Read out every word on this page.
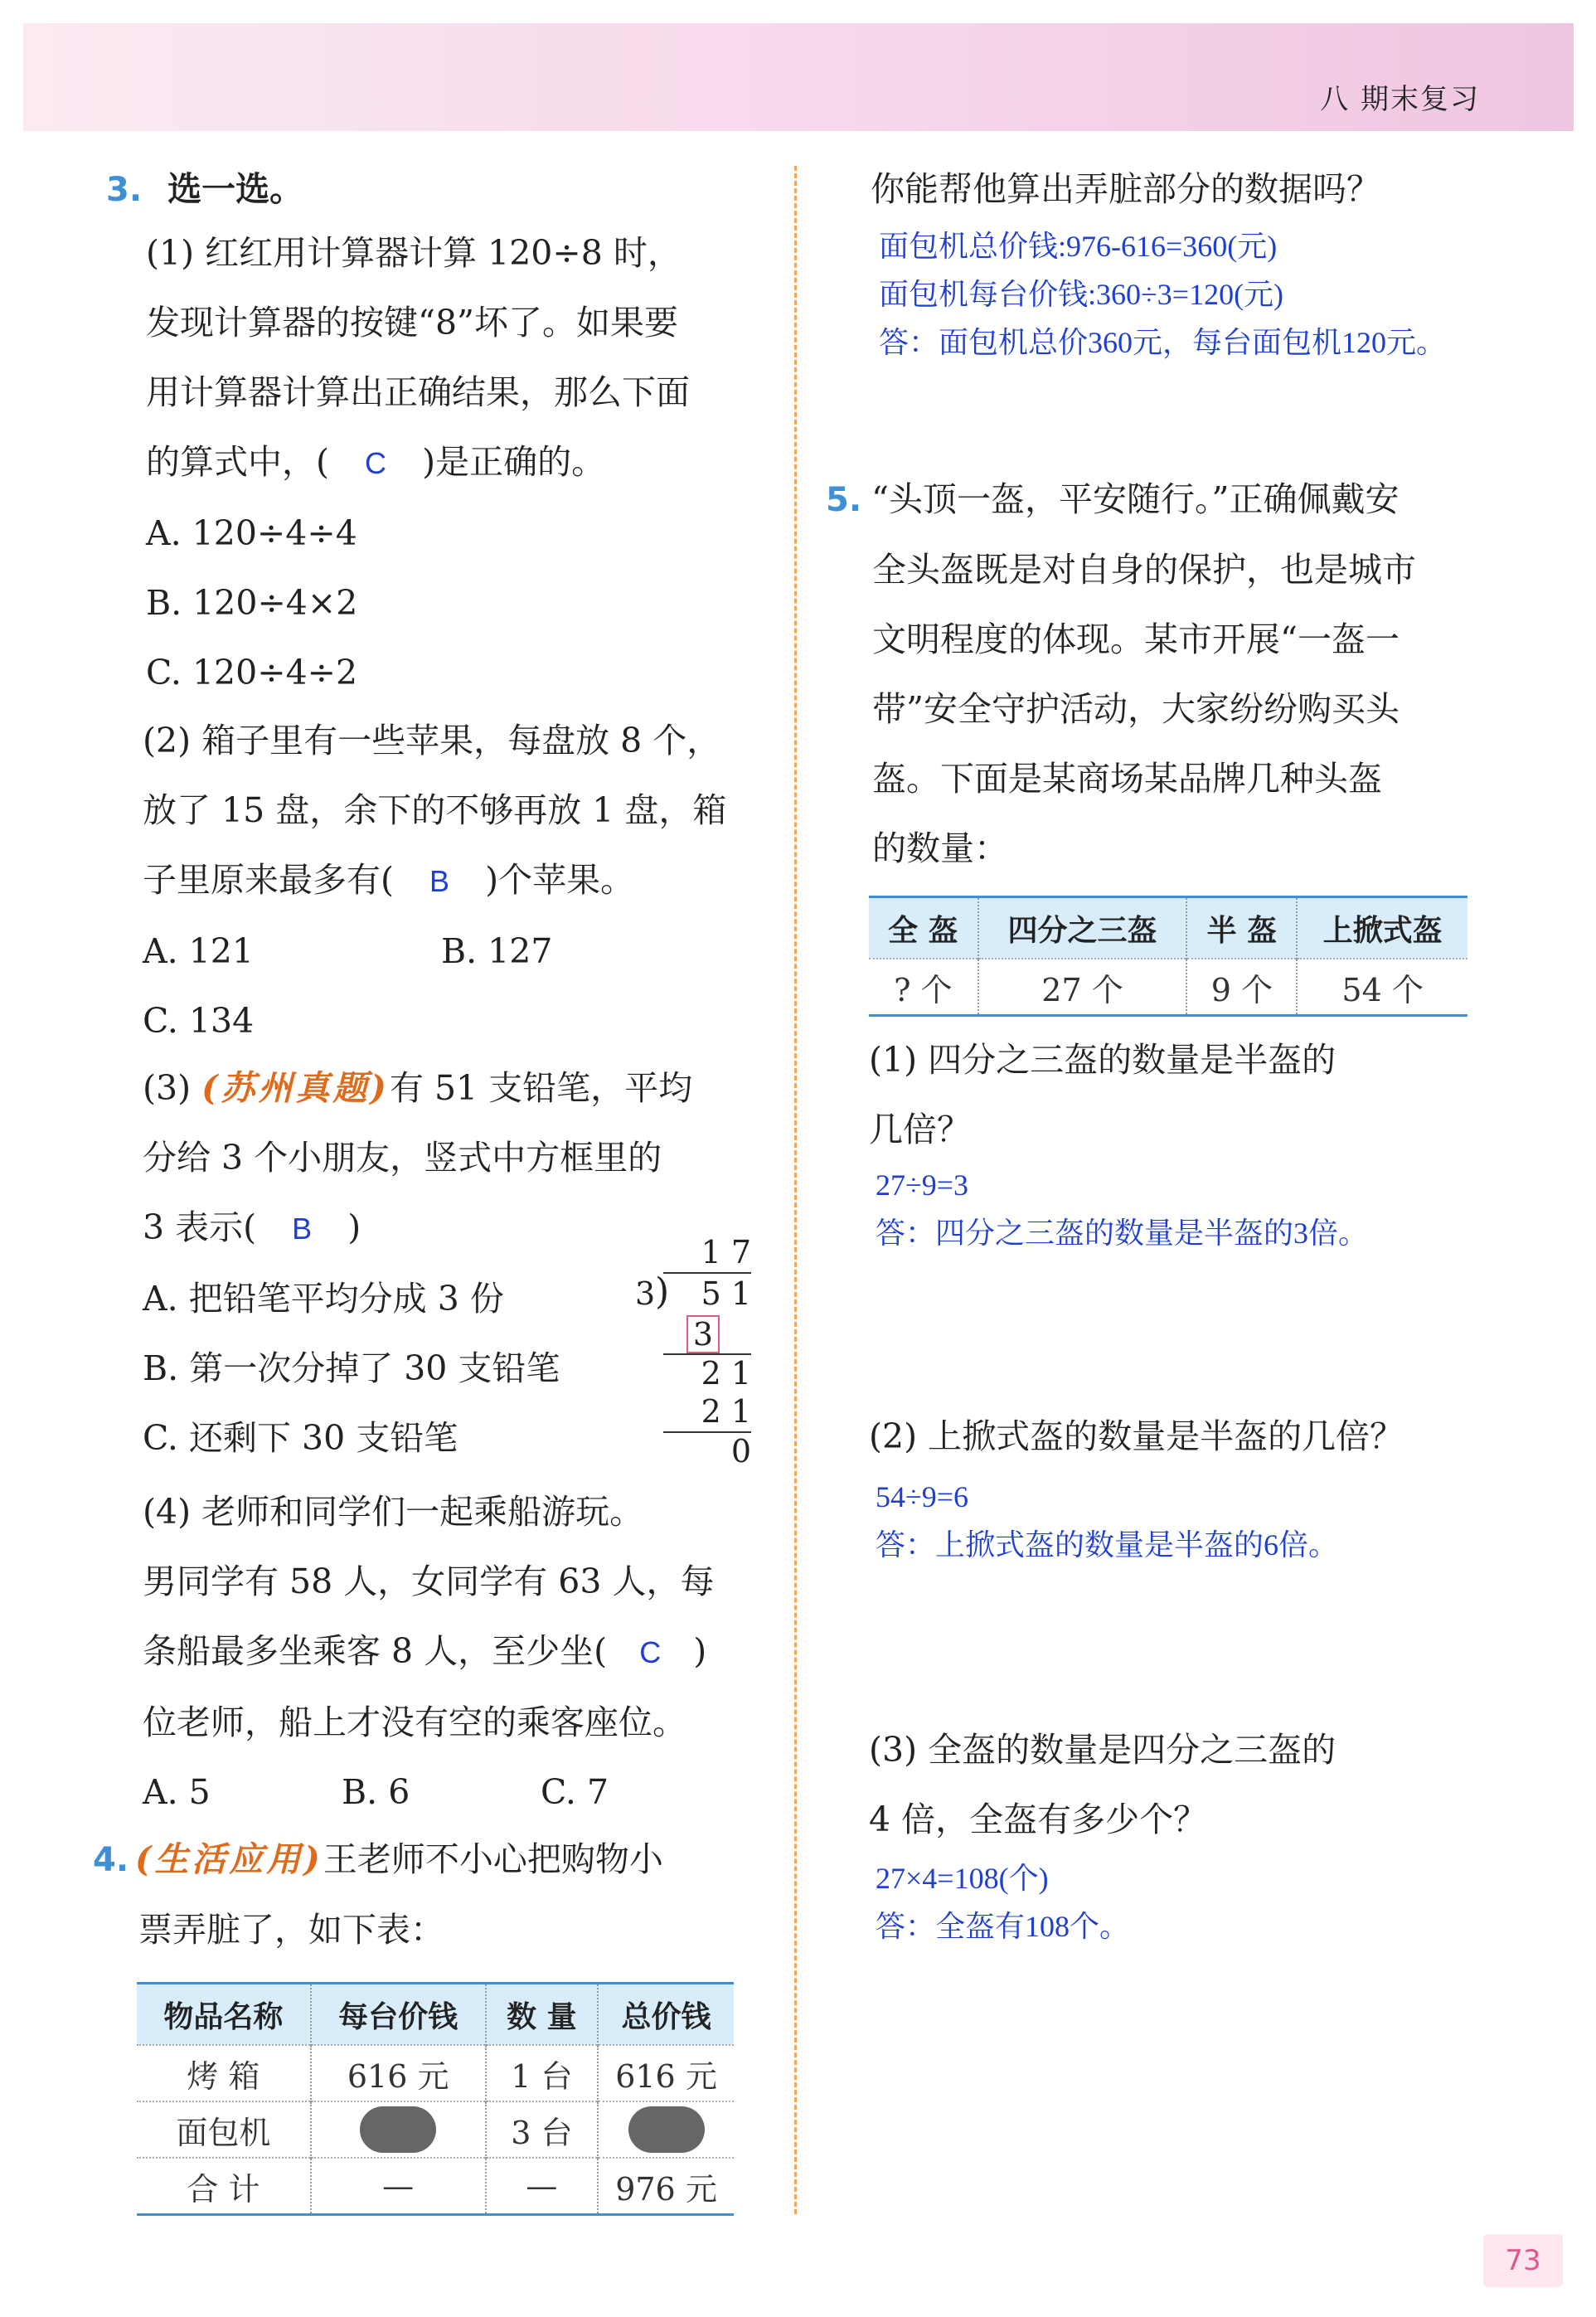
八 期末复习
3. 选一选。
(1) 红红用计算器计算 120÷8 时，
发现计算器的按键“8”坏了。如果要
用计算器计算出正确结果，那么下面
的算式中，( C )是正确的。
A. 120÷4÷4
B. 120÷4×2
C. 120÷4÷2
(2) 箱子里有一些苹果，每盘放 8 个，
放了 15 盘，余下的不够再放 1 盘，箱
子里原来最多有( B )个苹果。
A. 121	B. 127
C. 134
(3) (苏州真题)有 51 支铅笔，平均
分给 3 个小朋友，竖式中方框里的
3 表示( B )
A. 把铅笔平均分成 3 份
B. 第一次分掉了 30 支铅笔
C. 还剩下 30 支铅笔
1 7
3 ) 5 1
3
2 1
2 1
0
(4) 老师和同学们一起乘船游玩。
男同学有 58 人，女同学有 63 人，每
条船最多坐乘客 8 人，至少坐( C )
位老师，船上才没有空的乘客座位。
A. 5	B. 6	C. 7
4. (生活应用)王老师不小心把购物小
票弄脏了，如下表：
物品名称	每台价钱	数 量	总价钱
烤 箱	616 元	1 台	616 元
面包机		3 台	
合 计	—	—	976 元
你能帮他算出弄脏部分的数据吗？
面包机总价钱:976-616=360(元)
面包机每台价钱:360÷3=120(元)
答：面包机总价360元，每台面包机120元。
5. “头顶一盔，平安随行。”正确佩戴安
全头盔既是对自身的保护，也是城市
文明程度的体现。某市开展“一盔一
带”安全守护活动，大家纷纷购买头
盔。下面是某商场某品牌几种头盔
的数量：
全 盔	四分之三盔	半 盔	上掀式盔
? 个	27 个	9 个	54 个
(1) 四分之三盔的数量是半盔的
几倍？
27÷9=3
答：四分之三盔的数量是半盔的3倍。
(2) 上掀式盔的数量是半盔的几倍？
54÷9=6
答：上掀式盔的数量是半盔的6倍。
(3) 全盔的数量是四分之三盔的
4 倍，全盔有多少个？
27×4=108(个)
答：全盔有108个。
73
